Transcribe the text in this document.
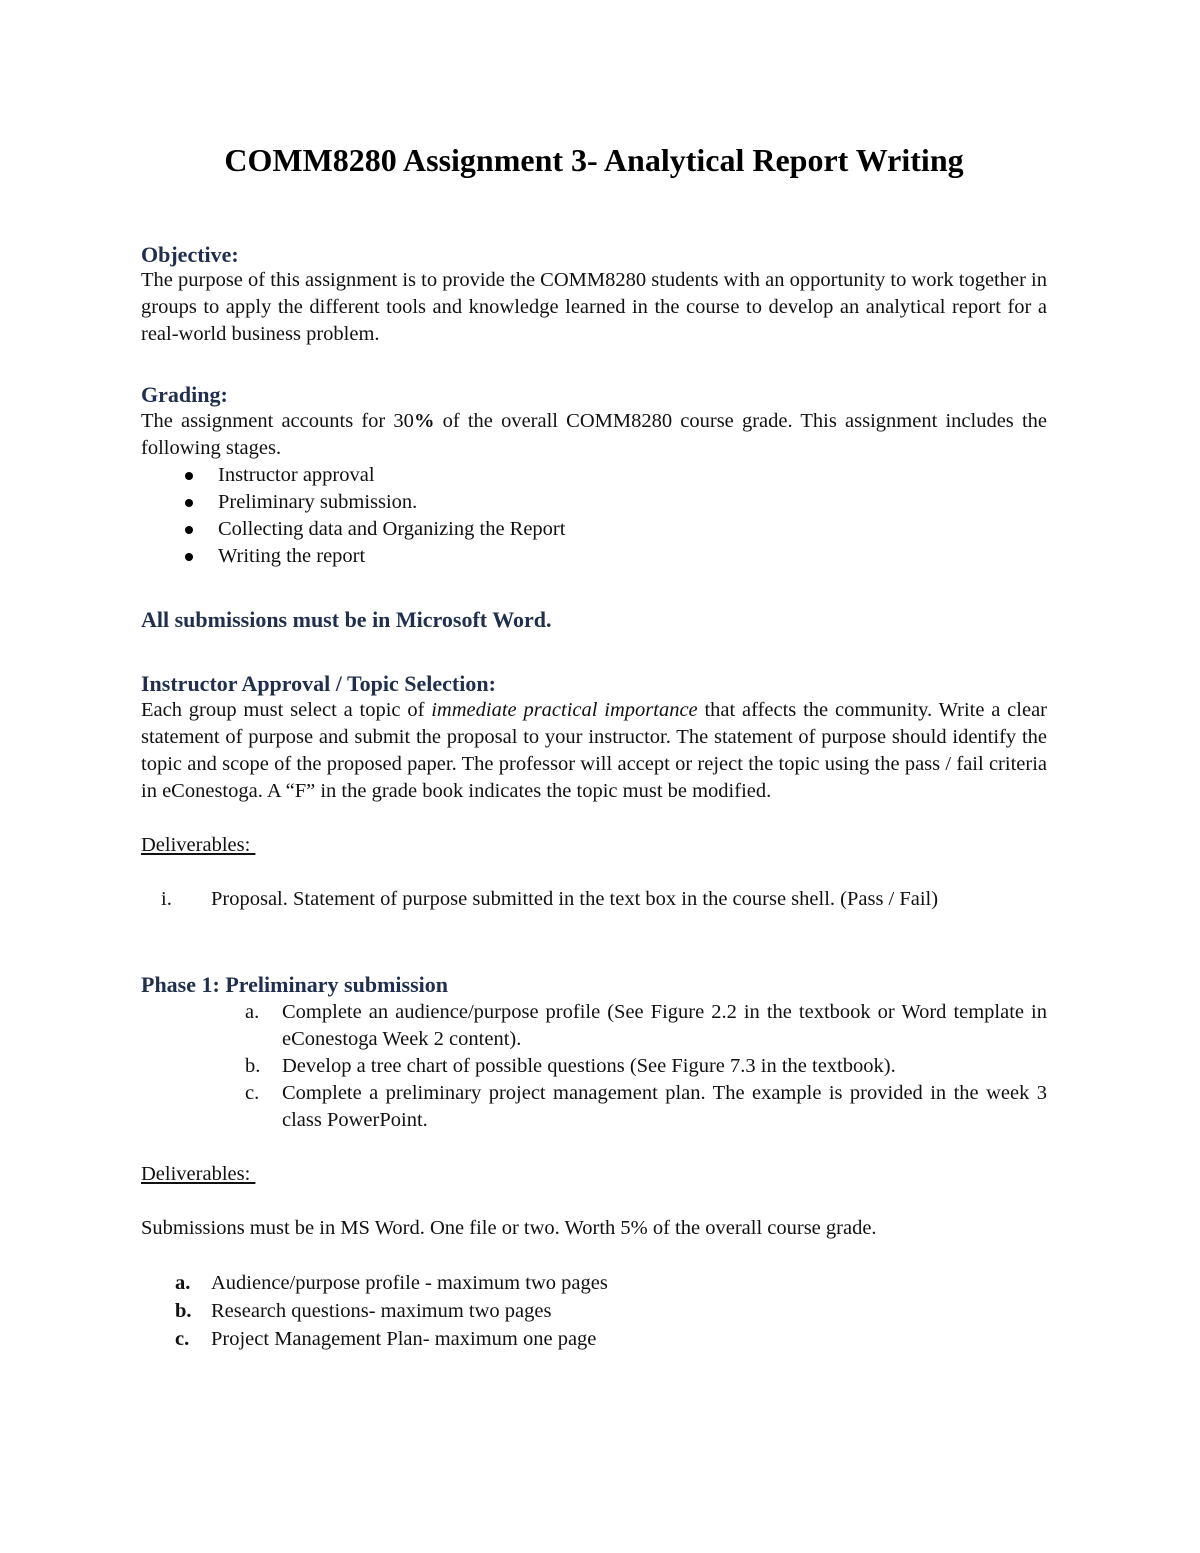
COMM8280 Assignment 3- Analytical Report Writing

Objective:

The purpose of this assignment is to provide the COMM8280 students with an opportunity to work together in groups to apply the different tools and knowledge learned in the course to develop an analytical report for a real-world business problem.

Grading:

The assignment accounts for 30% of the overall COMM8280 course grade. This assignment includes the following stages.

Instructor approval
Preliminary submission.
Collecting data and Organizing the Report
Writing the report

All submissions must be in Microsoft Word.

Instructor Approval / Topic Selection:

Each group must select a topic of immediate practical importance that affects the community. Write a clear statement of purpose and submit the proposal to your instructor. The statement of purpose should identify the topic and scope of the proposed paper. The professor will accept or reject the topic using the pass / fail criteria in eConestoga. A “F” in the grade book indicates the topic must be modified.

Deliverables:

i. Proposal. Statement of purpose submitted in the text box in the course shell. (Pass / Fail)

Phase 1: Preliminary submission

a. Complete an audience/purpose profile (See Figure 2.2 in the textbook or Word template in eConestoga Week 2 content).
b. Develop a tree chart of possible questions (See Figure 7.3 in the textbook).
c. Complete a preliminary project management plan. The example is provided in the week 3 class PowerPoint.

Deliverables:

Submissions must be in MS Word. One file or two. Worth 5% of the overall course grade.

a. Audience/purpose profile - maximum two pages
b. Research questions- maximum two pages
c. Project Management Plan- maximum one page
